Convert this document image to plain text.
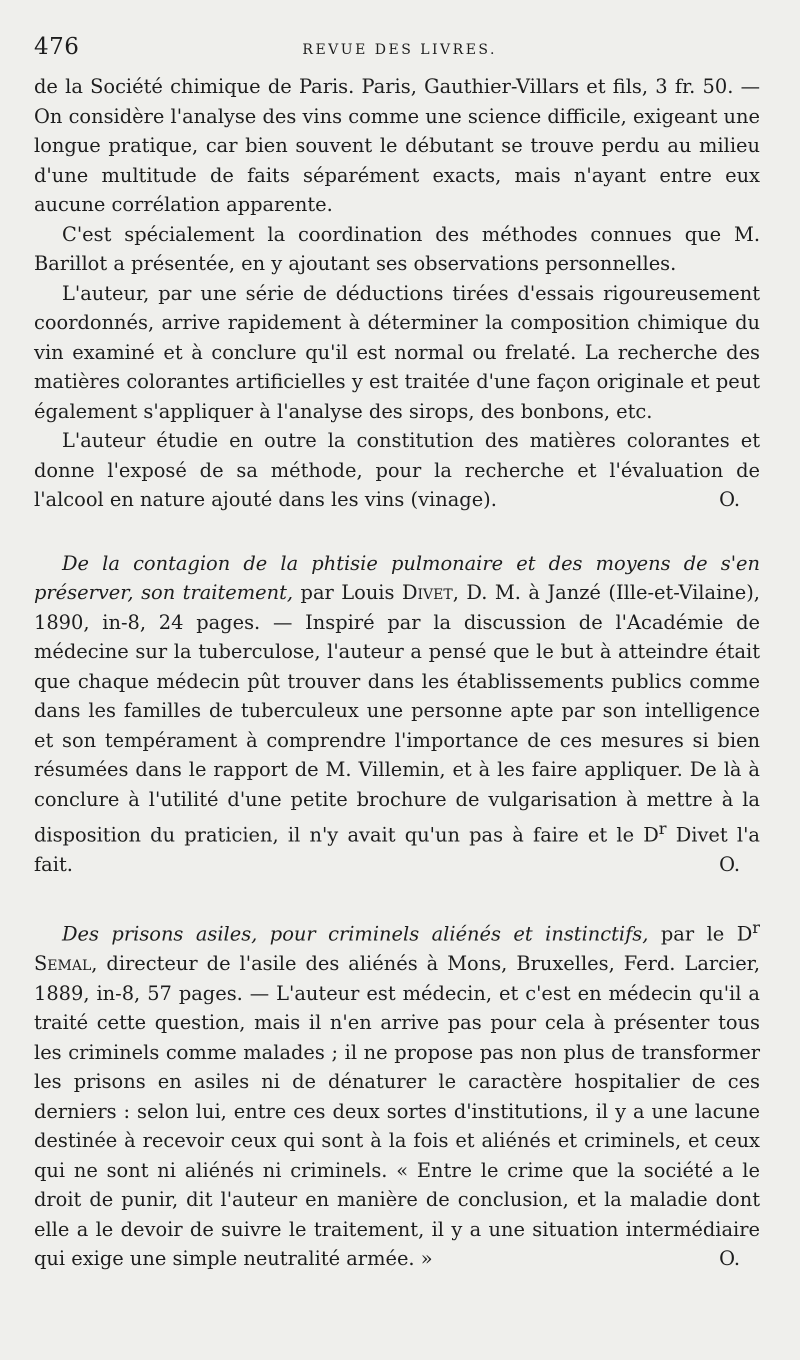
476	REVUE DES LIVRES.

de la Société chimique de Paris. Paris, Gauthier-Villars et fils, 3 fr. 50. — On considère l'analyse des vins comme une science difficile, exigeant une longue pratique, car bien souvent le débutant se trouve perdu au milieu d'une multitude de faits séparément exacts, mais n'ayant entre eux aucune corrélation apparente.

C'est spécialement la coordination des méthodes connues que M. Barillot a présentée, en y ajoutant ses observations personnelles.

L'auteur, par une série de déductions tirées d'essais rigoureusement coordonnés, arrive rapidement à déterminer la composition chimique du vin examiné et à conclure qu'il est normal ou frelaté. La recherche des matières colorantes artificielles y est traitée d'une façon originale et peut également s'appliquer à l'analyse des sirops, des bonbons, etc.

L'auteur étudie en outre la constitution des matières colorantes et donne l'exposé de sa méthode, pour la recherche et l'évaluation de l'alcool en nature ajouté dans les vins (vinage).	O.

De la contagion de la phtisie pulmonaire et des moyens de s'en préserver, son traitement, par Louis Divet, D. M. à Janzé (Ille-et-Vilaine), 1890, in-8, 24 pages. — Inspiré par la discussion de l'Académie de médecine sur la tuberculose, l'auteur a pensé que le but à atteindre était que chaque médecin pût trouver dans les établissements publics comme dans les familles de tuberculeux une personne apte par son intelligence et son tempérament à comprendre l'importance de ces mesures si bien résumées dans le rapport de M. Villemin, et à les faire appliquer. De là à conclure à l'utilité d'une petite brochure de vulgarisation à mettre à la disposition du praticien, il n'y avait qu'un pas à faire et le $D^r$ Divet l'a fait.	O.

Des prisons asiles, pour criminels aliénés et instinctifs, par le $D^r$ Semal, directeur de l'asile des aliénés à Mons, Bruxelles, Ferd. Larcier, 1889, in-8, 57 pages. — L'auteur est médecin, et c'est en médecin qu'il a traité cette question, mais il n'en arrive pas pour cela à présenter tous les criminels comme malades ; il ne propose pas non plus de transformer les prisons en asiles ni de dénaturer le caractère hospitalier de ces derniers : selon lui, entre ces deux sortes d'institutions, il y a une lacune destinée à recevoir ceux qui sont à la fois et aliénés et criminels, et ceux qui ne sont ni aliénés ni criminels. « Entre le crime que la société a le droit de punir, dit l'auteur en manière de conclusion, et la maladie dont elle a le devoir de suivre le traitement, il y a une situation intermédiaire qui exige une simple neutralité armée. »	O.
